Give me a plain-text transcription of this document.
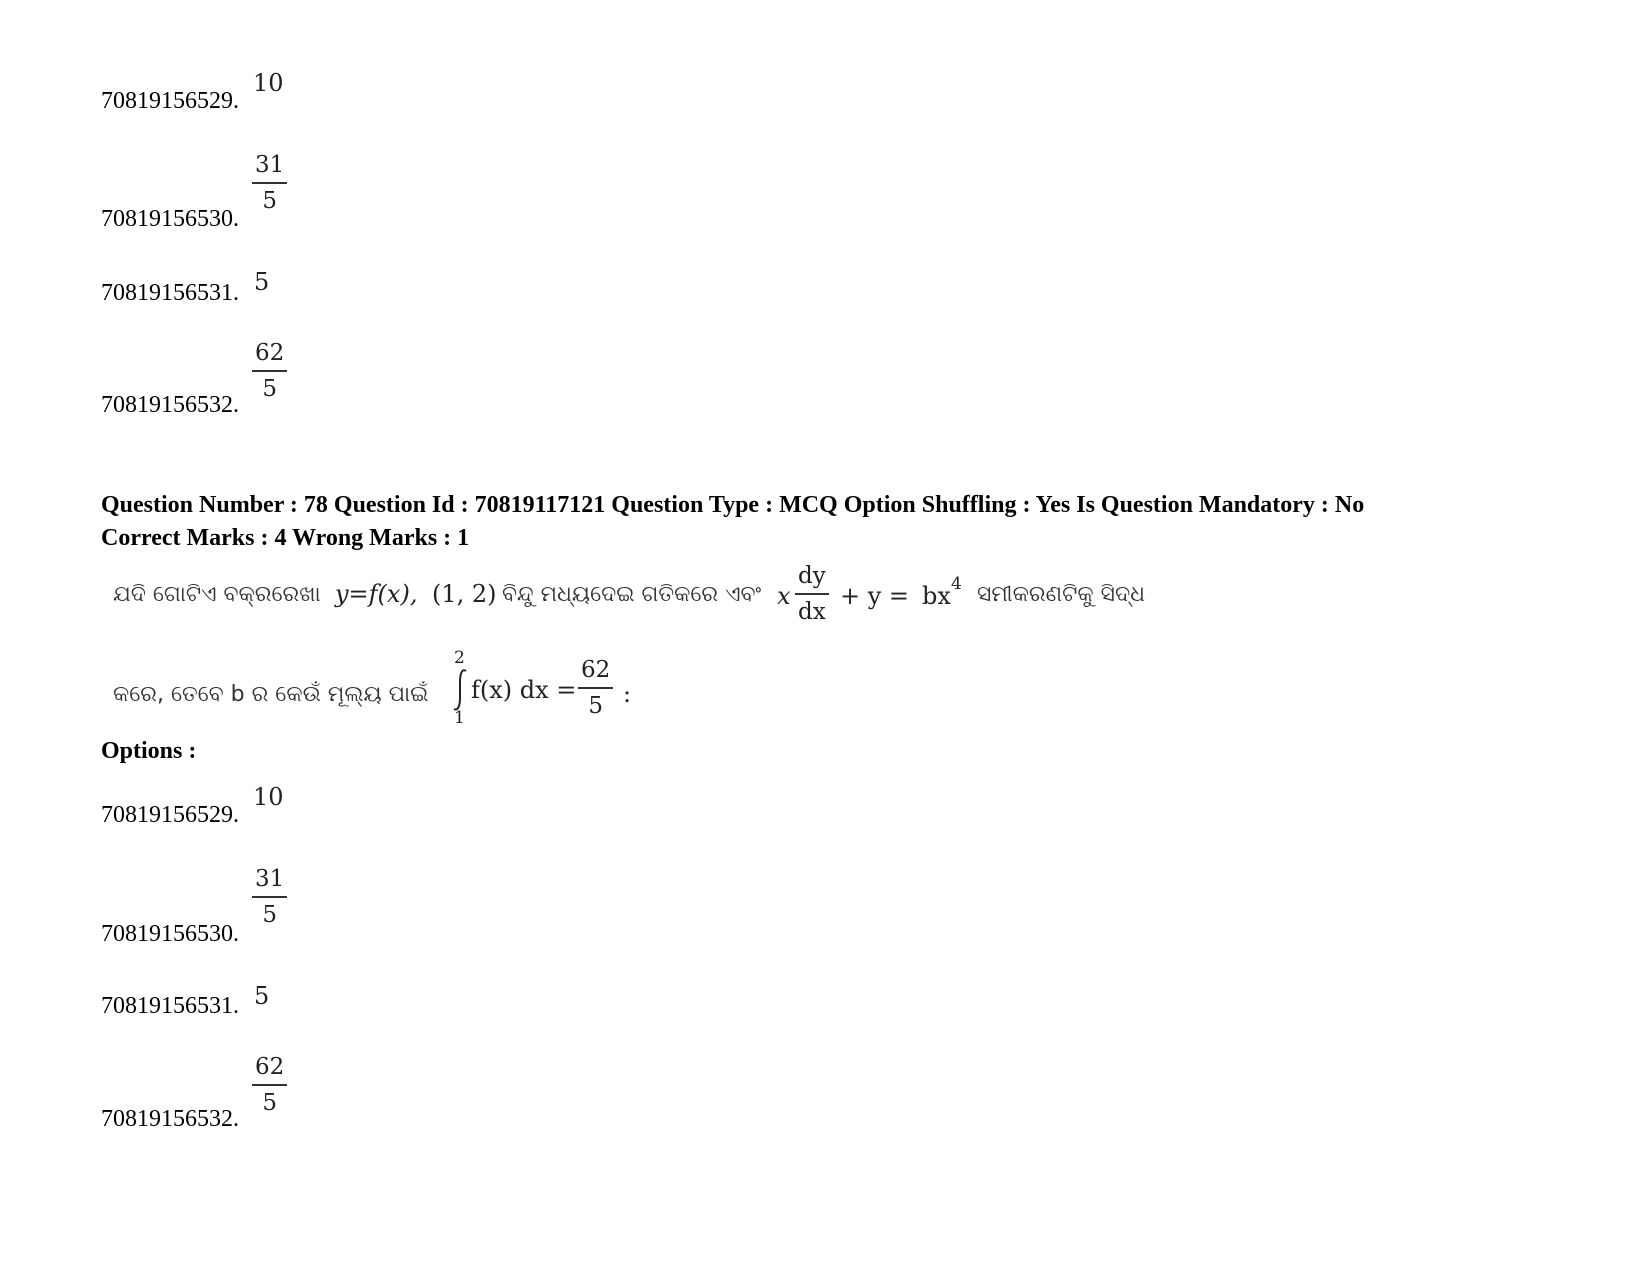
70819156529.
10
70819156530.
31
5
70819156531. 5
70819156532.
62
5
Question Number : 78 Question Id : 70819117121 Question Type : MCQ Option Shuffling : Yes Is Question Mandatory : No
Correct Marks : 4 Wrong Marks : 1
ଯଦି ଗୋଟିଏ ବକ୍ରରେଖା y=f(x), (1, 2) ବିନ୍ଦୁ ମଧ୍ୟଦେଇ ଗତିକରେ ଏବଂ x
dy
dx
+ y = bx 4 ସମୀକରଣଟିକୁ ସିଦ୍ଧ
କରେ, ତେବେ b ର କେଉଁ ମୂଲ୍ୟ ପାଇଁ
2
1
f(x) dx =
62
5 :
Options :
70819156529.
10
70819156530.
31
5
70819156531. 5
70819156532.
62
5
